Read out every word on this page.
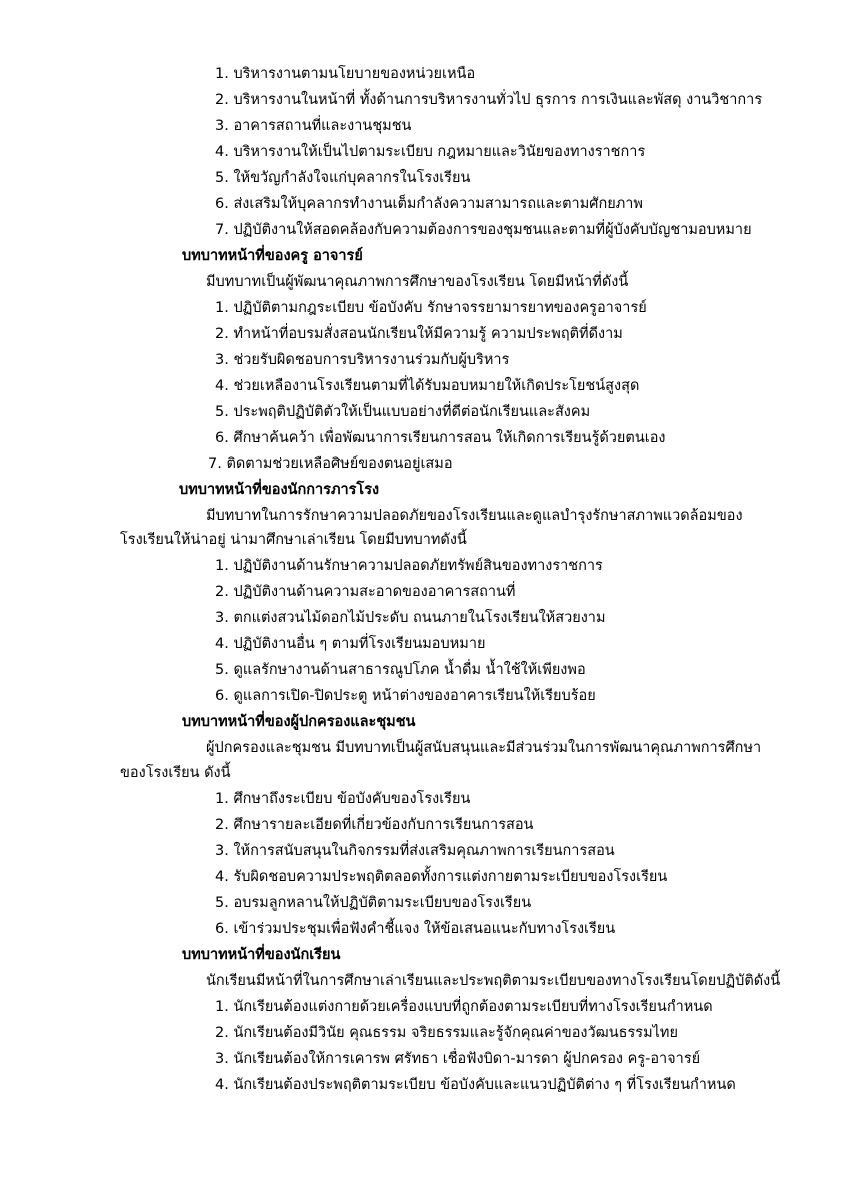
1. บริหารงานตามนโยบายของหน่วยเหนือ
2. บริหารงานในหน้าที่ ทั้งด้านการบริหารงานทั่วไป ธุรการ การเงินและพัสดุ งานวิชาการ
3. อาคารสถานที่และงานชุมชน
4. บริหารงานให้เป็นไปตามระเบียบ กฎหมายและวินัยของทางราชการ
5. ให้ขวัญกำลังใจแก่บุคลากรในโรงเรียน
6. ส่งเสริมให้บุคลากรทำงานเต็มกำลังความสามารถและตามศักยภาพ
7. ปฏิบัติงานให้สอดคล้องกับความต้องการของชุมชนและตามที่ผู้บังคับบัญชามอบหมาย
บทบาทหน้าที่ของครู อาจารย์
มีบทบาทเป็นผู้พัฒนาคุณภาพการศึกษาของโรงเรียน โดยมีหน้าที่ดังนี้
1. ปฏิบัติตามกฎระเบียบ ข้อบังคับ รักษาจรรยามารยาทของครูอาจารย์
2. ทำหน้าที่อบรมสั่งสอนนักเรียนให้มีความรู้ ความประพฤติที่ดีงาม
3. ช่วยรับผิดชอบการบริหารงานร่วมกับผู้บริหาร
4. ช่วยเหลืองานโรงเรียนตามที่ได้รับมอบหมายให้เกิดประโยชน์สูงสุด
5. ประพฤติปฏิบัติตัวให้เป็นแบบอย่างที่ดีต่อนักเรียนและสังคม
6. ศึกษาค้นคว้า เพื่อพัฒนาการเรียนการสอน ให้เกิดการเรียนรู้ด้วยตนเอง
7. ติดตามช่วยเหลือศิษย์ของตนอยู่เสมอ
บทบาทหน้าที่ของนักการภารโรง
มีบทบาทในการรักษาความปลอดภัยของโรงเรียนและดูแลบำรุงรักษาสภาพแวดล้อมของ
โรงเรียนให้น่าอยู่ น่ามาศึกษาเล่าเรียน โดยมีบทบาทดังนี้
1. ปฏิบัติงานด้านรักษาความปลอดภัยทรัพย์สินของทางราชการ
2. ปฏิบัติงานด้านความสะอาดของอาคารสถานที่
3. ตกแต่งสวนไม้ดอกไม้ประดับ ถนนภายในโรงเรียนให้สวยงาม
4. ปฏิบัติงานอื่น ๆ ตามที่โรงเรียนมอบหมาย
5. ดูแลรักษางานด้านสาธารณูปโภค น้ำดื่ม น้ำใช้ให้เพียงพอ
6. ดูแลการเปิด-ปิดประตู หน้าต่างของอาคารเรียนให้เรียบร้อย
บทบาทหน้าที่ของผู้ปกครองและชุมชน
ผู้ปกครองและชุมชน มีบทบาทเป็นผู้สนับสนุนและมีส่วนร่วมในการพัฒนาคุณภาพการศึกษา
ของโรงเรียน ดังนี้
1. ศึกษาถึงระเบียบ ข้อบังคับของโรงเรียน
2. ศึกษารายละเอียดที่เกี่ยวข้องกับการเรียนการสอน
3. ให้การสนับสนุนในกิจกรรมที่ส่งเสริมคุณภาพการเรียนการสอน
4. รับผิดชอบความประพฤติตลอดทั้งการแต่งกายตามระเบียบของโรงเรียน
5. อบรมลูกหลานให้ปฏิบัติตามระเบียบของโรงเรียน
6. เข้าร่วมประชุมเพื่อฟังคำชี้แจง ให้ข้อเสนอแนะกับทางโรงเรียน
บทบาทหน้าที่ของนักเรียน
นักเรียนมีหน้าที่ในการศึกษาเล่าเรียนและประพฤติตามระเบียบของทางโรงเรียนโดยปฏิบัติดังนี้
1. นักเรียนต้องแต่งกายด้วยเครื่องแบบที่ถูกต้องตามระเบียบที่ทางโรงเรียนกำหนด
2. นักเรียนต้องมีวินัย คุณธรรม จริยธรรมและรู้จักคุณค่าของวัฒนธรรมไทย
3. นักเรียนต้องให้การเคารพ ศรัทธา เชื่อฟังบิดา-มารดา ผู้ปกครอง ครู-อาจารย์
4. นักเรียนต้องประพฤติตามระเบียบ ข้อบังคับและแนวปฏิบัติต่าง ๆ ที่โรงเรียนกำหนด
